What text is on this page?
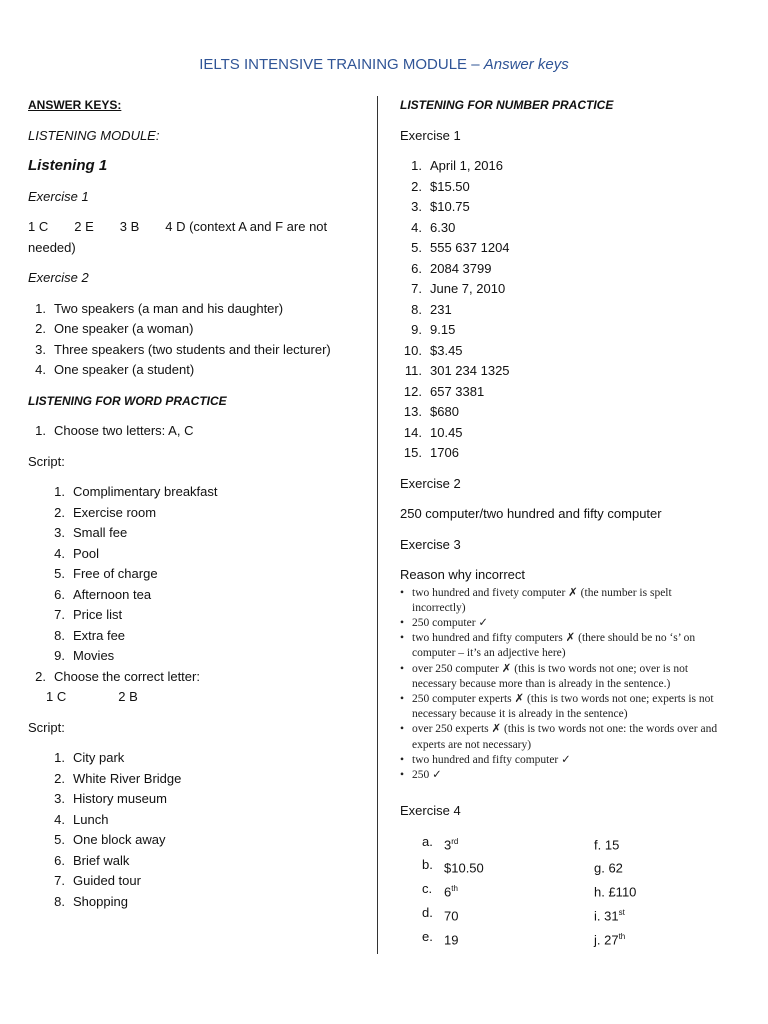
IELTS INTENSIVE TRAINING MODULE – Answer keys
ANSWER KEYS:
LISTENING MODULE:
Listening 1
Exercise 1
1 C 2 E 3 B 4 D (context A and F are not needed)
Exercise 2
1. Two speakers (a man and his daughter)
2. One speaker (a woman)
3. Three speakers (two students and their lecturer)
4. One speaker (a student)
LISTENING FOR WORD PRACTICE
1. Choose two letters: A, C
Script:
1. Complimentary breakfast
2. Exercise room
3. Small fee
4. Pool
5. Free of charge
6. Afternoon tea
7. Price list
8. Extra fee
9. Movies
2. Choose the correct letter:
1 C	2 B
Script:
1. City park
2. White River Bridge
3. History museum
4. Lunch
5. One block away
6. Brief walk
7. Guided tour
8. Shopping
LISTENING FOR NUMBER PRACTICE
Exercise 1
1. April 1, 2016
2. $15.50
3. $10.75
4. 6.30
5. 555 637 1204
6. 2084 3799
7. June 7, 2010
8. 231
9. 9.15
10. $3.45
11. 301 234 1325
12. 657 3381
13. $680
14. 10.45
15. 1706
Exercise 2
250 computer/two hundred and fifty computer
Exercise 3
Reason why incorrect
• two hundred and fivety computer ✗ (the number is spelt incorrectly)
• 250 computer ✓
• two hundred and fifty computers ✗ (there should be no ‘s’ on computer – it’s an adjective here)
• over 250 computer ✗ (this is two words not one; over is not necessary because more than is already in the sentence.)
• 250 computer experts ✗ (this is two words not one; experts is not necessary because it is already in the sentence)
• over 250 experts ✗ (this is two words not one: the words over and experts are not necessary)
• two hundred and fifty computer ✓
• 250 ✓
Exercise 4
a. 3rd	f. 15
b. $10.50	g. 62
c. 6th	h. £110
d. 70	i. 31st
e. 19	j. 27th
